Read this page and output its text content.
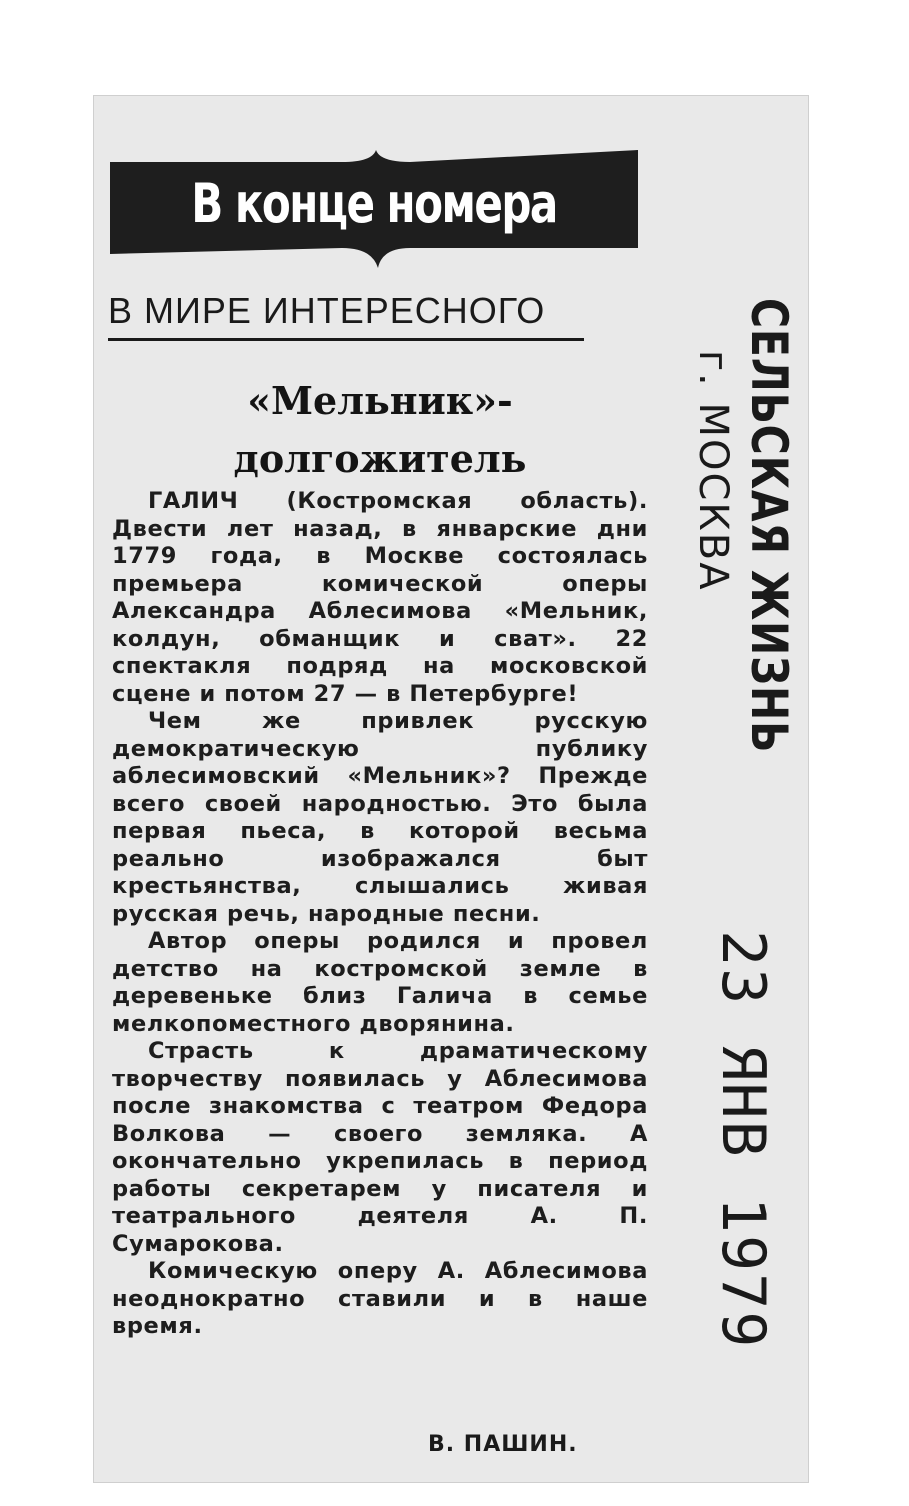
В конце номера
В МИРЕ ИНТЕРЕСНОГО
«Мельник»-
долгожитель

ГАЛИЧ (Костромская область). Двести лет назад, в январские дни 1779 года, в Москве состоялась премьера комической оперы Александра Аблесимова «Мельник, колдун, обманщик и сват». 22 спектакля подряд на московской сцене и потом 27 — в Петербурге!

Чем же привлек русскую демократическую публику аблесимовский «Мельник»? Прежде всего своей народностью. Это была первая пьеса, в которой весьма реально изображался быт крестьянства, слышались живая русская речь, народные песни.

Автор оперы родился и провел детство на костромской земле в деревеньке близ Галича в семье мелкопоместного дворянина.

Страсть к драматическому творчеству появилась у Аблесимова после знакомства с театром Федора Волкова — своего земляка. А окончательно укрепилась в период работы секретарем у писателя и театрального деятеля А. П. Сумарокова.

Комическую оперу А. Аблесимова неоднократно ставили и в наше время.

В. ПАШИН.
СЕЛЬСКАЯ ЖИЗНЬ
г. МОСКВА
23 ЯНВ 1979
